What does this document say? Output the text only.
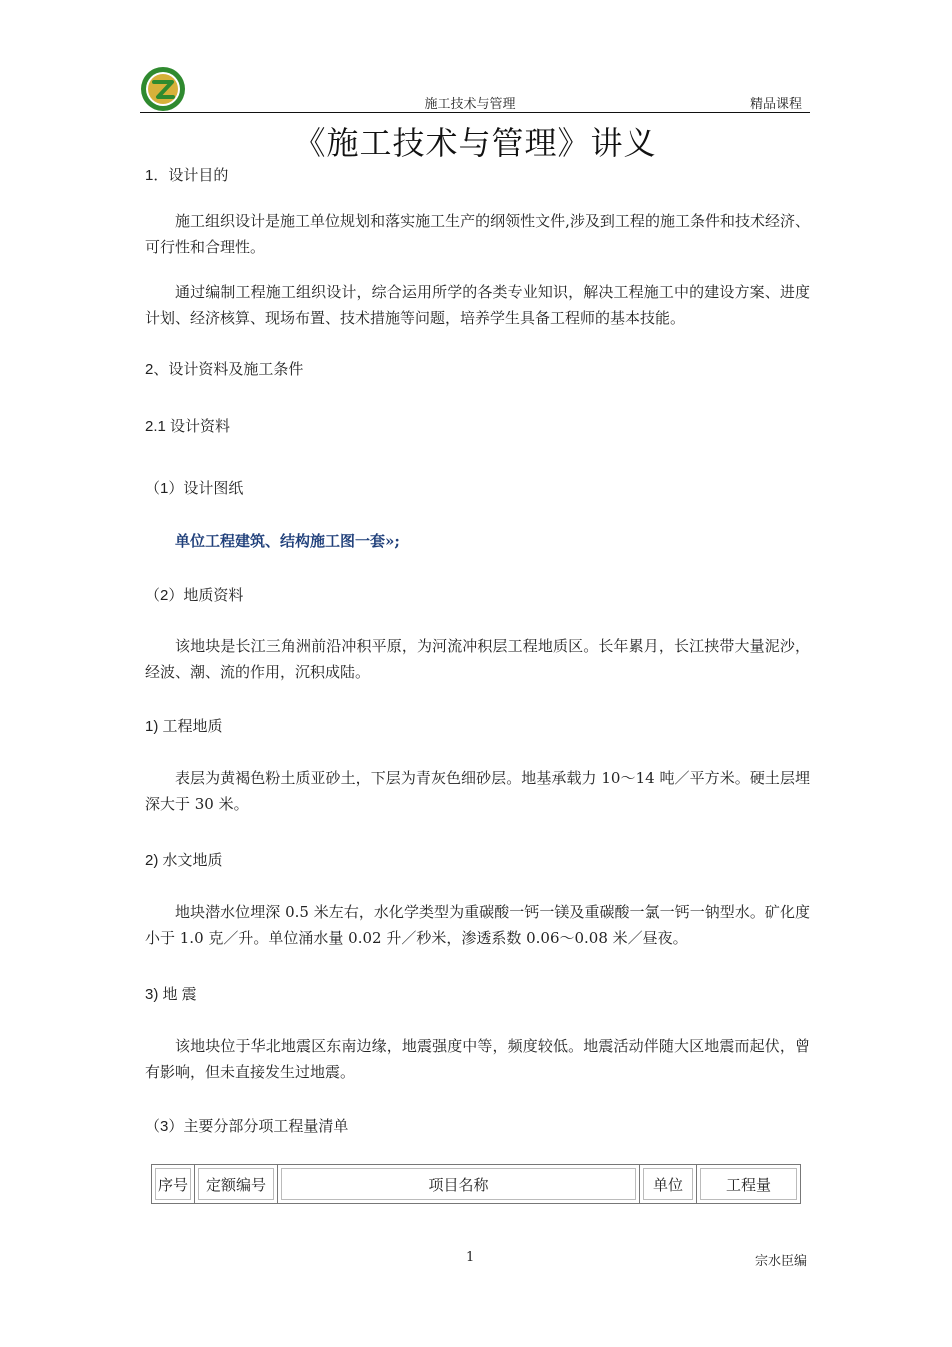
施工技术与管理	精品课程
《施工技术与管理》讲义
1．设计目的

施工组织设计是施工单位规划和落实施工生产的纲领性文件,涉及到工程的施工条件和技术经济、可行性和合理性。

通过编制工程施工组织设计，综合运用所学的各类专业知识，解决工程施工中的建设方案、进度计划、经济核算、现场布置、技术措施等问题，培养学生具备工程师的基本技能。

2、设计资料及施工条件
2.1 设计资料
（1）设计图纸

单位工程建筑、结构施工图一套»;

（2）地质资料

该地块是长江三角洲前沿冲积平原，为河流冲积层工程地质区。长年累月，长江挟带大量泥沙，经波、潮、流的作用，沉积成陆。

1) 工程地质

表层为黄褐色粉土质亚砂土，下层为青灰色细砂层。地基承载力 10～14 吨／平方米。硬土层埋深大于 30 米。

2) 水文地质

地块潜水位埋深 0.5 米左右，水化学类型为重碳酸一钙一镁及重碳酸一氯一钙一钠型水。矿化度小于 1.0 克／升。单位涌水量 0.02 升／秒米，渗透系数 0.06～0.08 米／昼夜。

3) 地 震

该地块位于华北地震区东南边缘，地震强度中等，频度较低。地震活动伴随大区地震而起伏，曾有影响，但未直接发生过地震。

（3）主要分部分项工程量清单
序号	定额编号	项目名称	单位	工程量
1	宗水臣编
